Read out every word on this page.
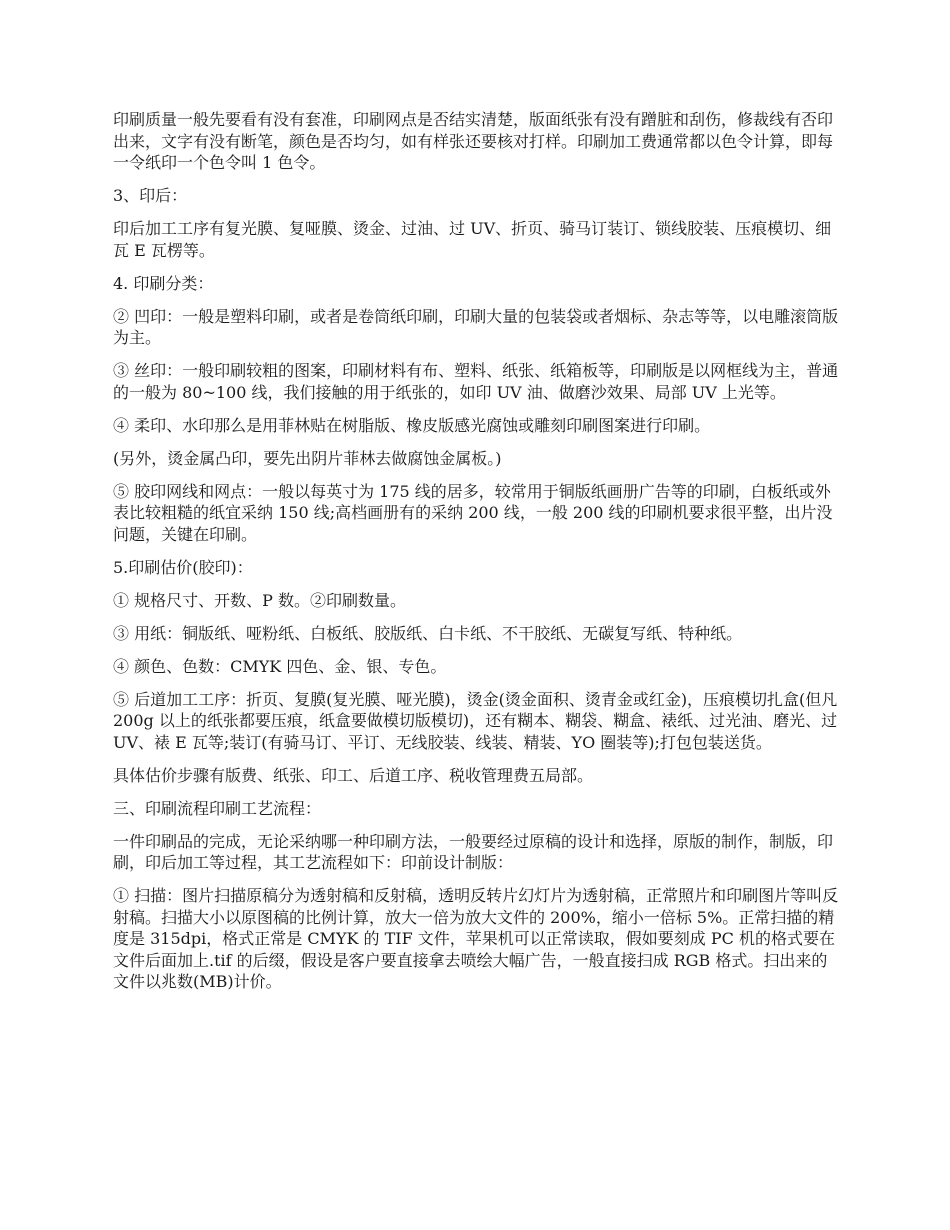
印刷质量一般先要看有没有套准，印刷网点是否结实清楚，版面纸张有没有蹭脏和刮伤，修裁线有否印出来，文字有没有断笔，颜色是否均匀，如有样张还要核对打样。印刷加工费通常都以色令计算，即每一令纸印一个色令叫 1 色令。

3、印后：

印后加工工序有复光膜、复哑膜、烫金、过油、过 UV、折页、骑马订装订、锁线胶装、压痕模切、细瓦 E 瓦楞等。

4. 印刷分类：

② 凹印：一般是塑料印刷，或者是卷筒纸印刷，印刷大量的包装袋或者烟标、杂志等等，以电雕滚筒版为主。

③ 丝印：一般印刷较粗的图案，印刷材料有布、塑料、纸张、纸箱板等，印刷版是以网框线为主，普通的一般为 80~100 线，我们接触的用于纸张的，如印 UV 油、做磨沙效果、局部 UV 上光等。

④ 柔印、水印那么是用菲林贴在树脂版、橡皮版感光腐蚀或雕刻印刷图案进行印刷。

(另外，烫金属凸印，要先出阴片菲林去做腐蚀金属板。)

⑤ 胶印网线和网点：一般以每英寸为 175 线的居多，较常用于铜版纸画册广告等的印刷，白板纸或外表比较粗糙的纸宜采纳 150 线;高档画册有的采纳 200 线，一般 200 线的印刷机要求很平整，出片没问题，关键在印刷。

5.印刷估价(胶印)：

① 规格尺寸、开数、P 数。②印刷数量。

③ 用纸：铜版纸、哑粉纸、白板纸、胶版纸、白卡纸、不干胶纸、无碳复写纸、特种纸。

④ 颜色、色数：CMYK 四色、金、银、专色。

⑤ 后道加工工序：折页、复膜(复光膜、哑光膜)，烫金(烫金面积、烫青金或红金)，压痕模切扎盒(但凡 200g 以上的纸张都要压痕，纸盒要做模切版模切)，还有糊本、糊袋、糊盒、裱纸、过光油、磨光、过 UV、裱 E 瓦等;装订(有骑马订、平订、无线胶装、线装、精装、YO 圈装等);打包包装送货。

具体估价步骤有版费、纸张、印工、后道工序、税收管理费五局部。

三、印刷流程印刷工艺流程：

一件印刷品的完成，无论采纳哪一种印刷方法，一般要经过原稿的设计和选择，原版的制作，制版，印刷，印后加工等过程，其工艺流程如下：印前设计制版：

① 扫描：图片扫描原稿分为透射稿和反射稿，透明反转片幻灯片为透射稿，正常照片和印刷图片等叫反射稿。扫描大小以原图稿的比例计算，放大一倍为放大文件的 200%，缩小一倍标 5%。正常扫描的精度是 315dpi，格式正常是 CMYK 的 TIF 文件，苹果机可以正常读取，假如要刻成 PC 机的格式要在文件后面加上.tif 的后缀，假设是客户要直接拿去喷绘大幅广告，一般直接扫成 RGB 格式。扫出来的文件以兆数(MB)计价。
